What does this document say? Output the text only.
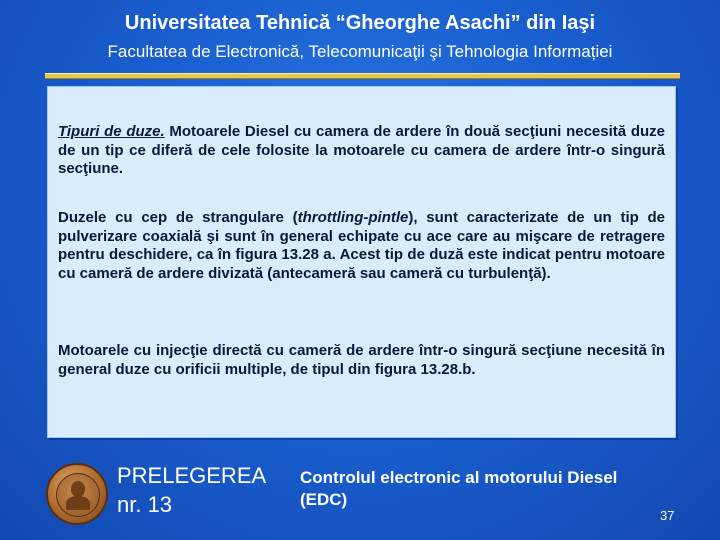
Universitatea Tehnică “Gheorghe Asachi” din Iaşi
Facultatea de Electronică, Telecomunicaţii şi Tehnologia Informației

Tipuri de duze. Motoarele Diesel cu camera de ardere în două secţiuni necesită duze de un tip ce diferă de cele folosite la motoarele cu camera de ardere într-o singură secţiune.

Duzele cu cep de strangulare (throttling-pintle), sunt caracterizate de un tip de pulverizare coaxială şi sunt în general echipate cu ace care au mişcare de retragere pentru deschidere, ca în figura 13.28 a. Acest tip de duză este indicat pentru motoare cu cameră de ardere divizată (antecameră sau cameră cu turbulenţă).

Motoarele cu injecţie directă cu cameră de ardere într-o singură secţiune necesită în general duze cu orificii multiple, de tipul din figura 13.28.b.

PRELEGEREA
nr. 13

Controlul electronic al motorului Diesel (EDC)

37
